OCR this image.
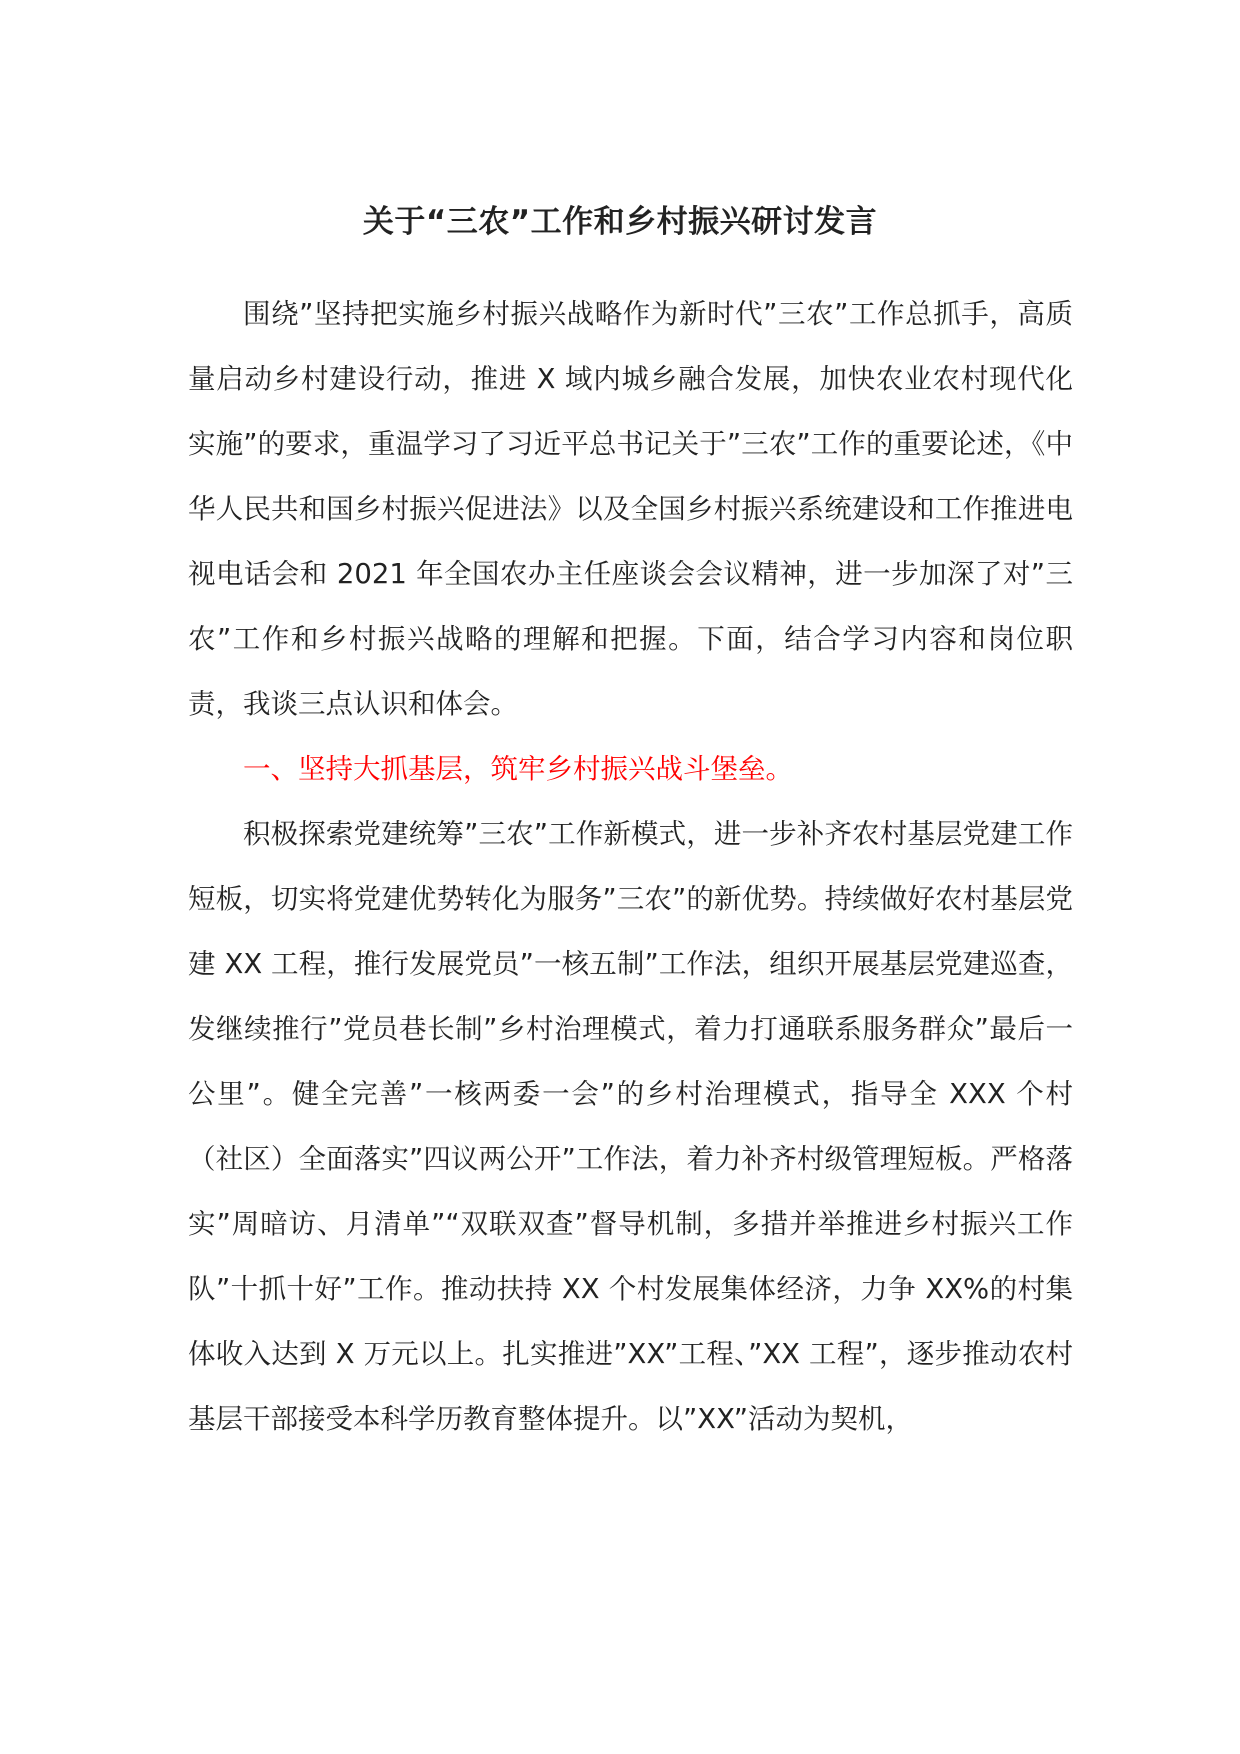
关于“三农”工作和乡村振兴研讨发言

围绕”坚持把实施乡村振兴战略作为新时代”三农”工作总抓手，高质量启动乡村建设行动，推进 X 域内城乡融合发展，加快农业农村现代化实施”的要求，重温学习了习近平总书记关于”三农”工作的重要论述，《中华人民共和国乡村振兴促进法》以及全国乡村振兴系统建设和工作推进电视电话会和 2021 年全国农办主任座谈会会议精神，进一步加深了对”三农”工作和乡村振兴战略的理解和把握。下面，结合学习内容和岗位职责，我谈三点认识和体会。

一、坚持大抓基层，筑牢乡村振兴战斗堡垒。

积极探索党建统筹”三农”工作新模式，进一步补齐农村基层党建工作短板，切实将党建优势转化为服务”三农”的新优势。持续做好农村基层党建 XX 工程，推行发展党员”一核五制”工作法，组织开展基层党建巡查，发继续推行”党员巷长制”乡村治理模式，着力打通联系服务群众”最后一公里”。健全完善”一核两委一会”的乡村治理模式，指导全 XXX 个村（社区）全面落实”四议两公开”工作法，着力补齐村级管理短板。严格落实”周暗访、月清单”“双联双查”督导机制，多措并举推进乡村振兴工作队”十抓十好”工作。推动扶持 XX 个村发展集体经济，力争 XX%的村集体收入达到 X 万元以上。扎实推进”XX”工程、”XX 工程”，逐步推动农村基层干部接受本科学历教育整体提升。以”XX”活动为契机，
